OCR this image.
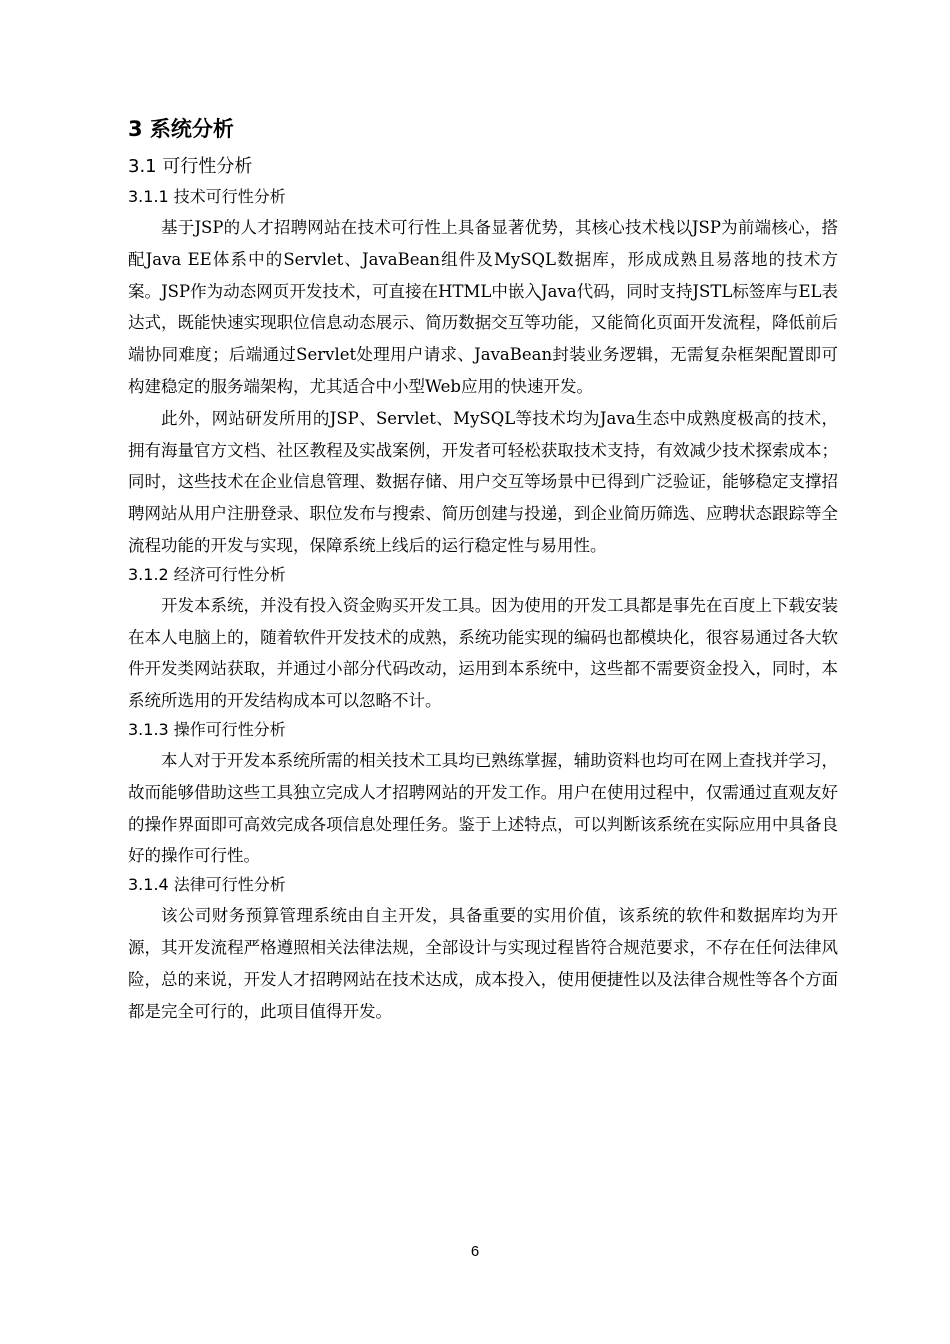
3 系统分析
3.1 可行性分析
3.1.1 技术可行性分析

基于JSP的人才招聘网站在技术可行性上具备显著优势，其核心技术栈以JSP为前端核心，搭配Java EE体系中的Servlet、JavaBean组件及MySQL数据库，形成成熟且易落地的技术方案。JSP作为动态网页开发技术，可直接在HTML中嵌入Java代码，同时支持JSTL标签库与EL表达式，既能快速实现职位信息动态展示、简历数据交互等功能，又能简化页面开发流程，降低前后端协同难度；后端通过Servlet处理用户请求、JavaBean封装业务逻辑，无需复杂框架配置即可构建稳定的服务端架构，尤其适合中小型Web应用的快速开发。

此外，网站研发所用的JSP、Servlet、MySQL等技术均为Java生态中成熟度极高的技术，拥有海量官方文档、社区教程及实战案例，开发者可轻松获取技术支持，有效减少技术探索成本；同时，这些技术在企业信息管理、数据存储、用户交互等场景中已得到广泛验证，能够稳定支撑招聘网站从用户注册登录、职位发布与搜索、简历创建与投递，到企业简历筛选、应聘状态跟踪等全流程功能的开发与实现，保障系统上线后的运行稳定性与易用性。

3.1.2 经济可行性分析

开发本系统，并没有投入资金购买开发工具。因为使用的开发工具都是事先在百度上下载安装在本人电脑上的，随着软件开发技术的成熟，系统功能实现的编码也都模块化，很容易通过各大软件开发类网站获取，并通过小部分代码改动，运用到本系统中，这些都不需要资金投入，同时，本系统所选用的开发结构成本可以忽略不计。

3.1.3 操作可行性分析

本人对于开发本系统所需的相关技术工具均已熟练掌握，辅助资料也均可在网上查找并学习，故而能够借助这些工具独立完成人才招聘网站的开发工作。用户在使用过程中，仅需通过直观友好的操作界面即可高效完成各项信息处理任务。鉴于上述特点，可以判断该系统在实际应用中具备良好的操作可行性。

3.1.4 法律可行性分析

该公司财务预算管理系统由自主开发，具备重要的实用价值，该系统的软件和数据库均为开源，其开发流程严格遵照相关法律法规，全部设计与实现过程皆符合规范要求，不存在任何法律风险，总的来说，开发人才招聘网站在技术达成，成本投入，使用便捷性以及法律合规性等各个方面都是完全可行的，此项目值得开发。

6
